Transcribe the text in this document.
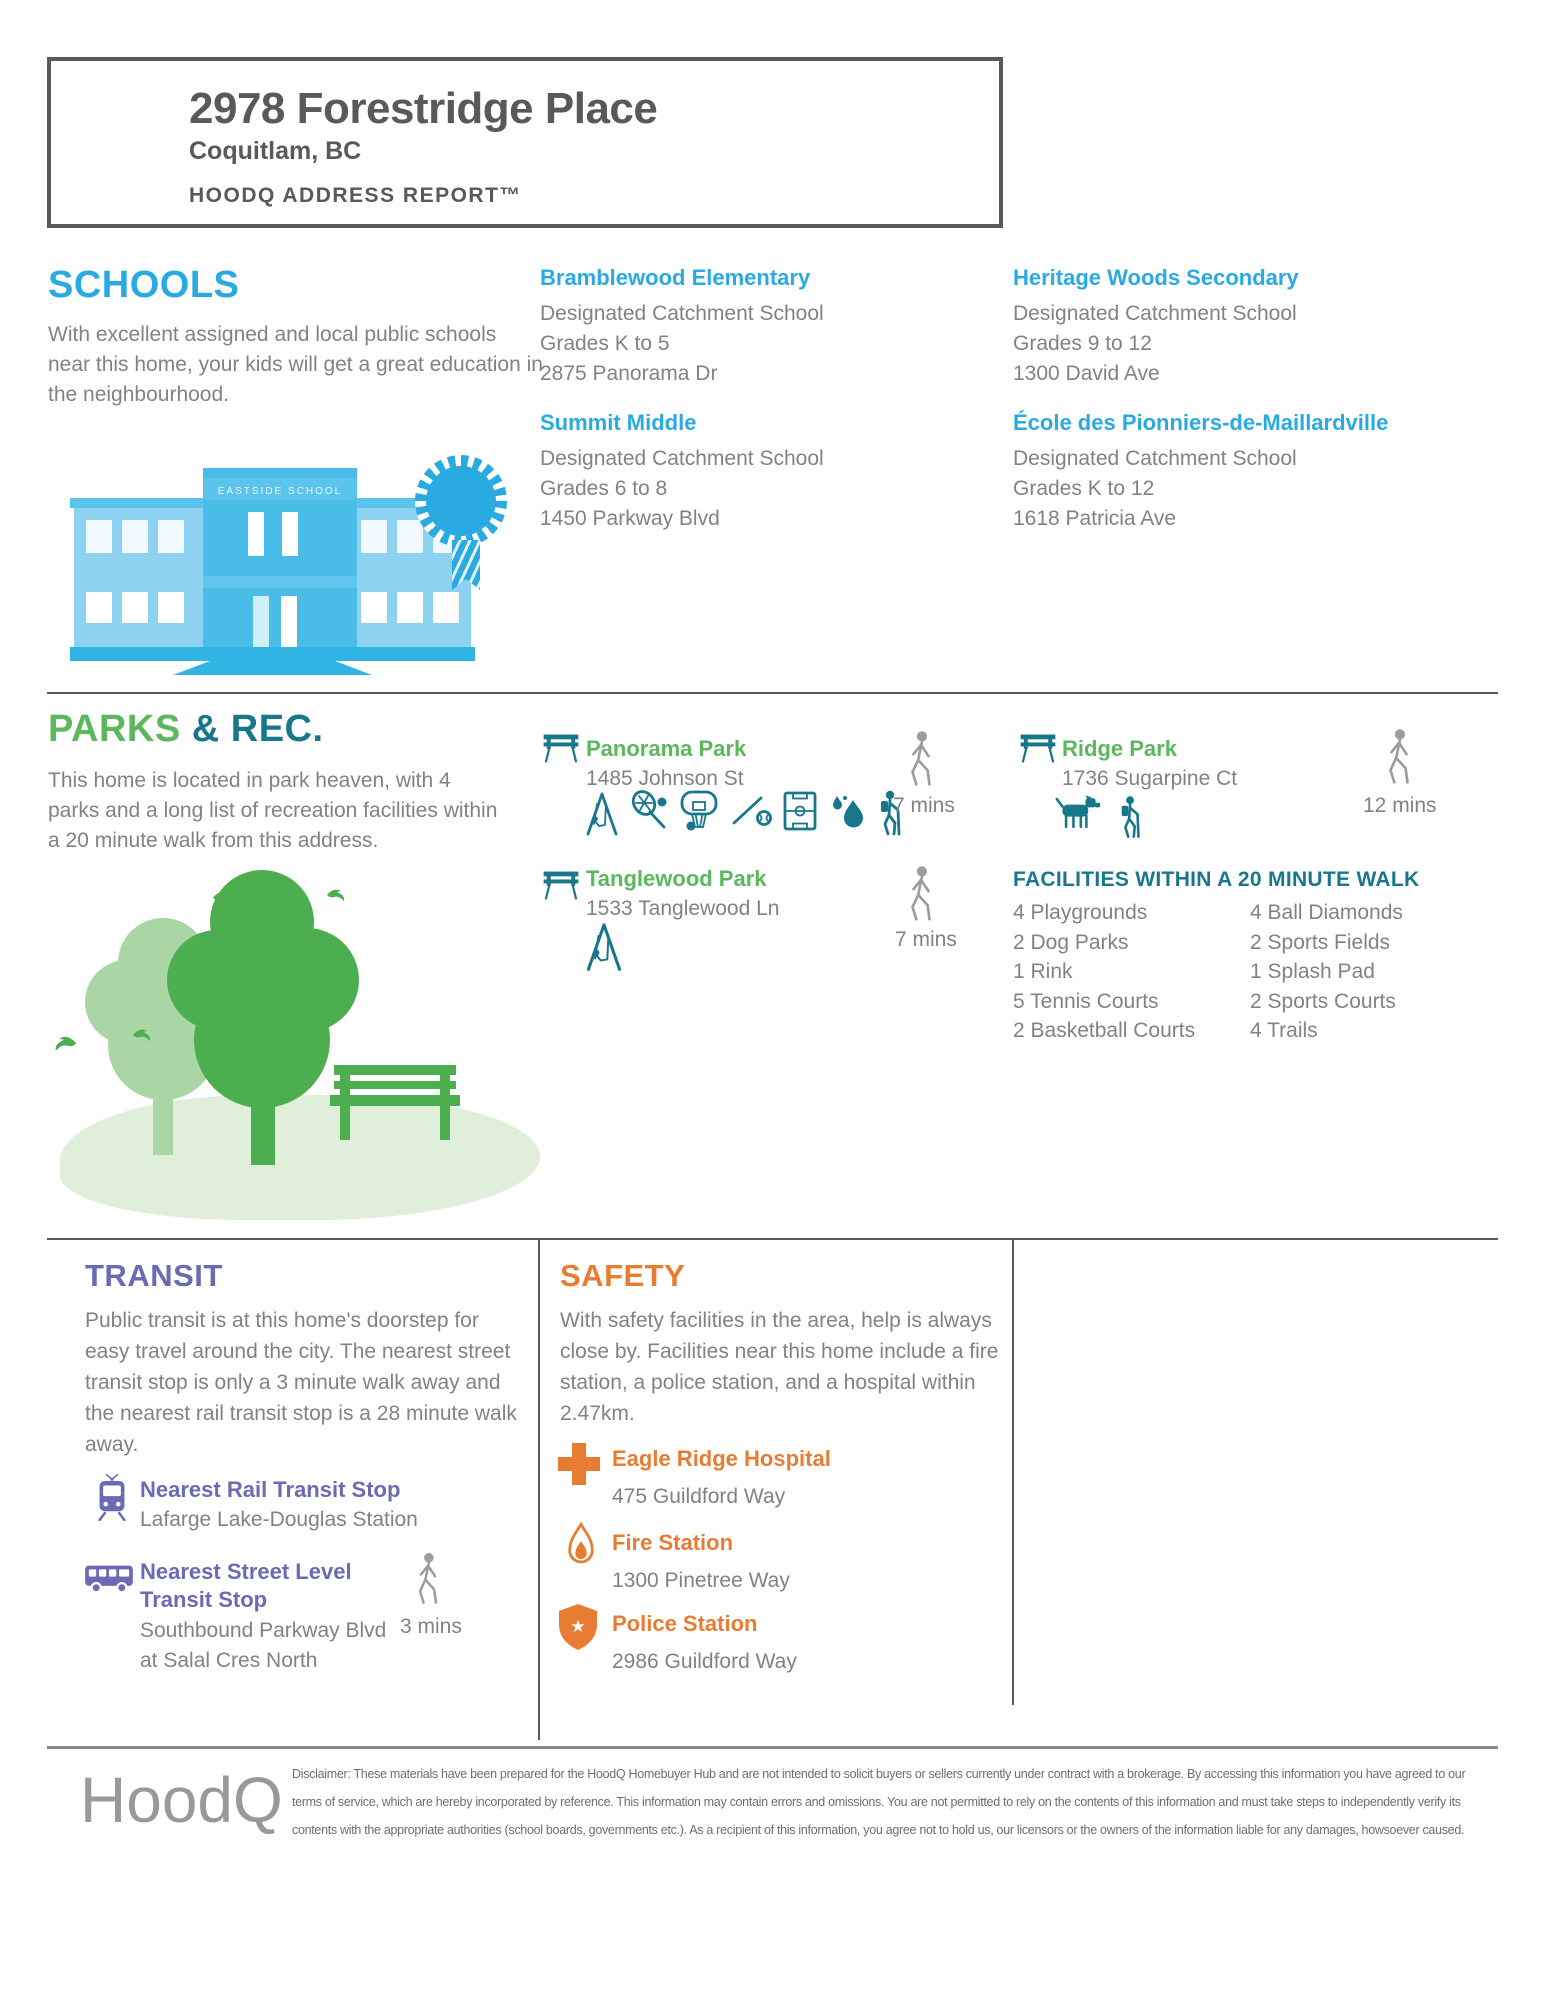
2978 Forestridge Place
Coquitlam, BC
HOODQ ADDRESS REPORT™
SCHOOLS
With excellent assigned and local public schools near this home, your kids will get a great education in the neighbourhood.
EASTSIDE SCHOOL
Bramblewood Elementary
Designated Catchment School
Grades K to 5
2875 Panorama Dr
Summit Middle
Designated Catchment School
Grades 6 to 8
1450 Parkway Blvd
Heritage Woods Secondary
Designated Catchment School
Grades 9 to 12
1300 David Ave
École des Pionniers-de-Maillardville
Designated Catchment School
Grades K to 12
1618 Patricia Ave
PARKS & REC.
This home is located in park heaven, with 4 parks and a long list of recreation facilities within a 20 minute walk from this address.
Panorama Park
1485 Johnson St
7 mins
Tanglewood Park
1533 Tanglewood Ln
7 mins
Ridge Park
1736 Sugarpine Ct
12 mins
FACILITIES WITHIN A 20 MINUTE WALK
4 Playgrounds
2 Dog Parks
1 Rink
5 Tennis Courts
2 Basketball Courts
4 Ball Diamonds
2 Sports Fields
1 Splash Pad
2 Sports Courts
4 Trails
TRANSIT
Public transit is at this home's doorstep for easy travel around the city. The nearest street transit stop is only a 3 minute walk away and the nearest rail transit stop is a 28 minute walk away.
Nearest Rail Transit Stop
Lafarge Lake-Douglas Station
Nearest Street Level Transit Stop
Southbound Parkway Blvd at Salal Cres North
3 mins
SAFETY
With safety facilities in the area, help is always close by. Facilities near this home include a fire station, a police station, and a hospital within 2.47km.
Eagle Ridge Hospital
475 Guildford Way
Fire Station
1300 Pinetree Way
★ Police Station
2986 Guildford Way
HoodQ Disclaimer: These materials have been prepared for the HoodQ Homebuyer Hub and are not intended to solicit buyers or sellers currently under contract with a brokerage. By accessing this information you have agreed to our terms of service, which are hereby incorporated by reference. This information may contain errors and omissions. You are not permitted to rely on the contents of this information and must take steps to independently verify its contents with the appropriate authorities (school boards, governments etc.). As a recipient of this information, you agree not to hold us, our licensors or the owners of the information liable for any damages, howsoever caused.
